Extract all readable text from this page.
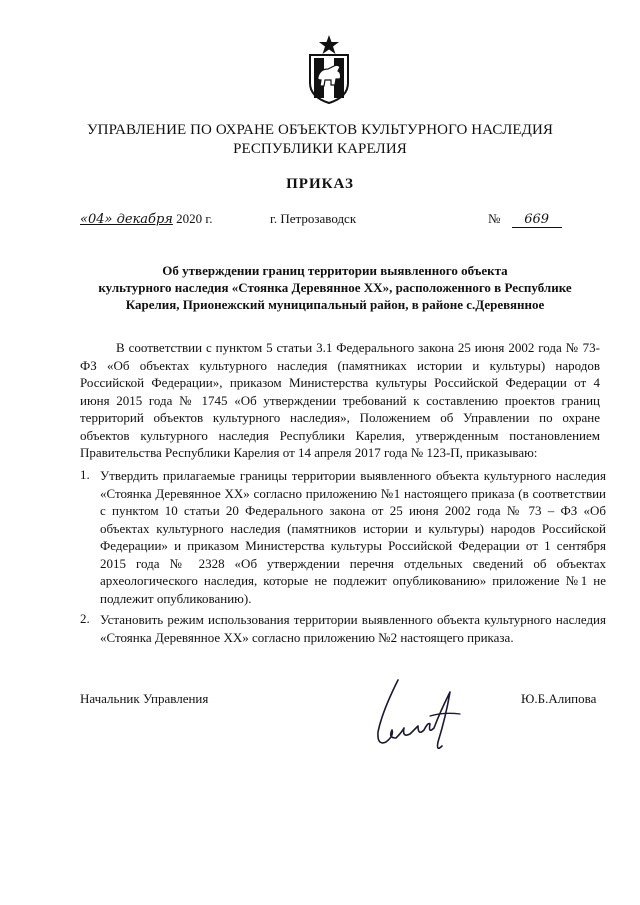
УПРАВЛЕНИЕ ПО ОХРАНЕ ОБЪЕКТОВ КУЛЬТУРНОГО НАСЛЕДИЯ
РЕСПУБЛИКИ КАРЕЛИЯ
ПРИКАЗ
«04» декабря 2020 г.	г. Петрозаводск	№ 669
Об утверждении границ территории выявленного объекта
культурного наследия «Стоянка Деревянное XX», расположенного в Республике
Карелия, Прионежский муниципальный район, в районе с.Деревянное

В соответствии с пунктом 5 статьи 3.1 Федерального закона 25 июня 2002 года № 73-ФЗ «Об объектах культурного наследия (памятниках истории и культуры) народов Российской Федерации», приказом Министерства культуры Российской Федерации от 4 июня 2015 года № 1745 «Об утверждении требований к составлению проектов границ территорий объектов культурного наследия», Положением об Управлении по охране объектов культурного наследия Республики Карелия, утвержденным постановлением Правительства Республики Карелия от 14 апреля 2017 года № 123-П, приказываю:

1. Утвердить прилагаемые границы территории выявленного объекта культурного наследия «Стоянка Деревянное XX» согласно приложению №1 настоящего приказа (в соответствии с пунктом 10 статьи 20 Федерального закона от 25 июня 2002 года № 73 – ФЗ «Об объектах культурного наследия (памятников истории и культуры) народов Российской Федерации» и приказом Министерства культуры Российской Федерации от 1 сентября 2015 года № 2328 «Об утверждении перечня отдельных сведений об объектах археологического наследия, которые не подлежит опубликованию» приложение №1 не подлежит опубликованию).

2. Установить режим использования территории выявленного объекта культурного наследия «Стоянка Деревянное XX» согласно приложению №2 настоящего приказа.

Начальник Управления	Ю.Б.Алипова
